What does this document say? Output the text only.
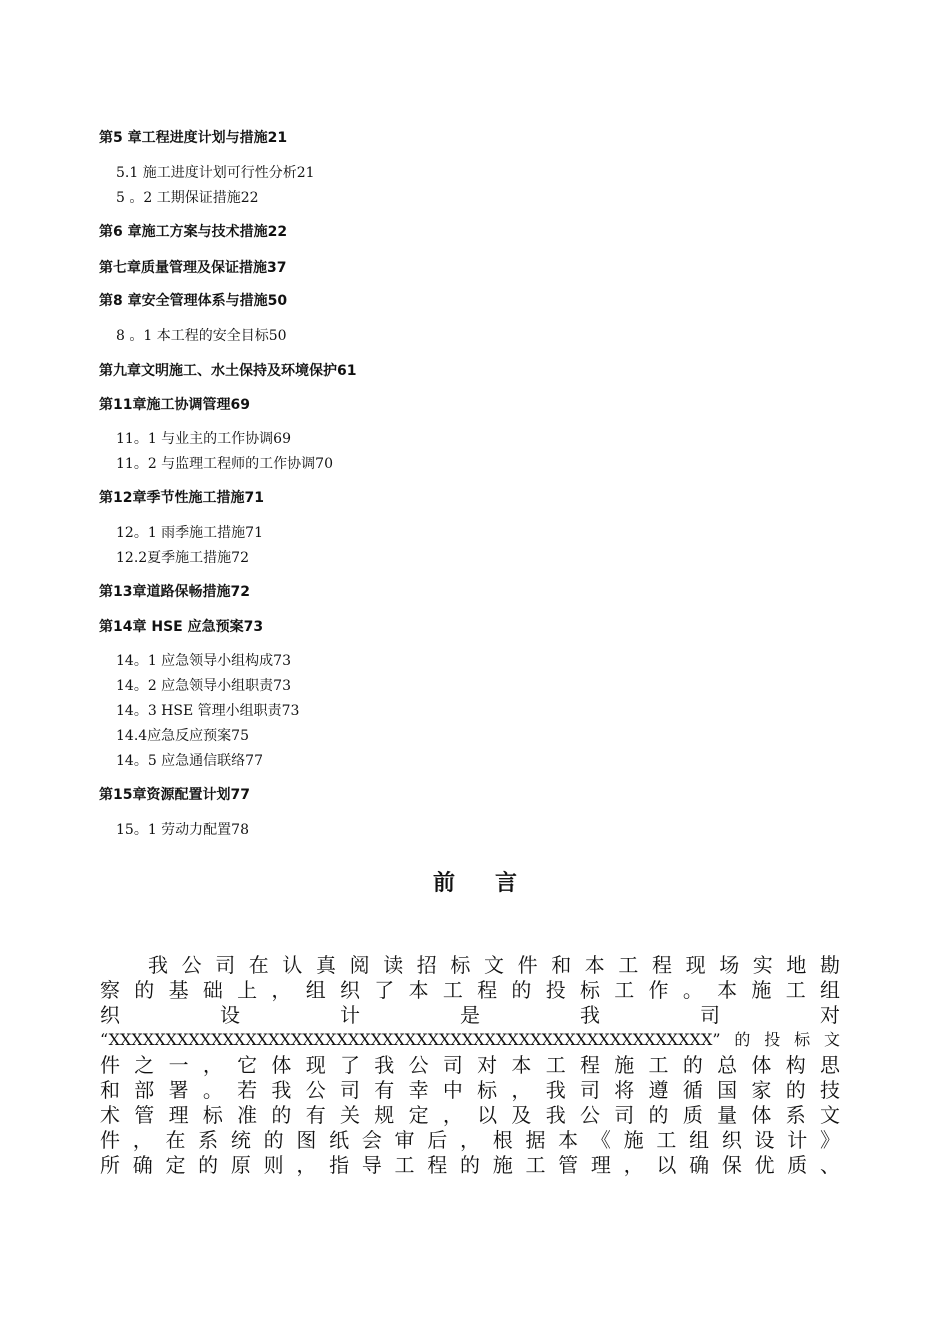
第5 章工程进度计划与措施21
5.1 施工进度计划可行性分析21
5 。2 工期保证措施22
第6 章施工方案与技术措施22
第七章质量管理及保证措施37
第8 章安全管理体系与措施50
8 。1 本工程的安全目标50
第九章文明施工、水土保持及环境保护61
第11章施工协调管理69
11。1 与业主的工作协调69
11。2 与监理工程师的工作协调70
第12章季节性施工措施71
12。1 雨季施工措施71
12.2夏季施工措施72
第13章道路保畅措施72
第14章 HSE 应急预案73
14。1 应急领导小组构成73
14。2 应急领导小组职责73
14。3 HSE 管理小组职责73
14.4应急反应预案75
14。5 应急通信联络77
第15章资源配置计划77
15。1 劳动力配置78
前言
我 公 司 在 认 真 阅 读 招 标 文 件 和 本 工 程 现 场 实 地 勘
察 的 基 础 上 ， 组 织 了 本 工 程 的 投 标 工 作 。 本 施 工 组
织 设 计 是 我 司 对
“XXXXXXXXXXXXXXXXXXXXXXXXXXXXXXXXXXXXXXXXXXXXXXXXXXXXX”的投标文
件 之 一 ， 它 体 现 了 我 公 司 对 本 工 程 施 工 的 总 体 构 思
和 部 署 。 若 我 公 司 有 幸 中 标 ， 我 司 将 遵 循 国 家 的 技
术 管 理 标 准 的 有 关 规 定 ， 以 及 我 公 司 的 质 量 体 系 文
件 ， 在 系 统 的 图 纸 会 审 后 ， 根 据 本 《 施 工 组 织 设 计 》
所 确 定 的 原 则 ， 指 导 工 程 的 施 工 管 理 ， 以 确 保 优 质 、
